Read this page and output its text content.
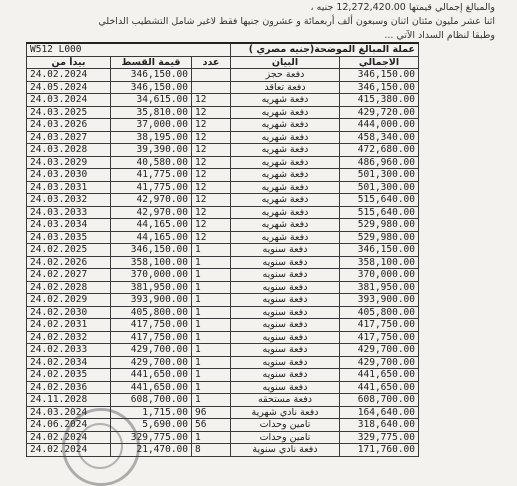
والمبالغ إجمالي قيمتها 12,272,420.00 جنيه ،
اثنا عشر مليون مئتان اثنان وسبعون ألف أربعمائة و عشرون جنيها فقط لاغير شامل التشطيب الداخلي
وطبقا لنظام السداد الآتي ...
W512 L000			عملة المبالغ الموضحة(جنيه مصري )	
بيدأ من	قيمة القسط	عدد	البيان	الاجمالي
24.02.2024	346,150.00		دفعة حجز	346,150.00
24.05.2024	346,150.00		دفعة تعاقد	346,150.00
24.03.2024	34,615.00	12	دفعة شهريه	415,380.00
24.03.2025	35,810.00	12	دفعة شهريه	429,720.00
24.03.2026	37,000.00	12	دفعة شهريه	444,000.00
24.03.2027	38,195.00	12	دفعة شهريه	458,340.00
24.03.2028	39,390.00	12	دفعة شهريه	472,680.00
24.03.2029	40,580.00	12	دفعة شهريه	486,960.00
24.03.2030	41,775.00	12	دفعة شهريه	501,300.00
24.03.2031	41,775.00	12	دفعة شهريه	501,300.00
24.03.2032	42,970.00	12	دفعة شهريه	515,640.00
24.03.2033	42,970.00	12	دفعة شهريه	515,640.00
24.03.2034	44,165.00	12	دفعة شهريه	529,980.00
24.03.2035	44,165.00	12	دفعة شهريه	529,980.00
24.02.2025	346,150.00	1	دفعة سنويه	346,150.00
24.02.2026	358,100.00	1	دفعة سنويه	358,100.00
24.02.2027	370,000.00	1	دفعة سنويه	370,000.00
24.02.2028	381,950.00	1	دفعة سنويه	381,950.00
24.02.2029	393,900.00	1	دفعة سنويه	393,900.00
24.02.2030	405,800.00	1	دفعة سنويه	405,800.00
24.02.2031	417,750.00	1	دفعة سنويه	417,750.00
24.02.2032	417,750.00	1	دفعة سنويه	417,750.00
24.02.2033	429,700.00	1	دفعة سنويه	429,700.00
24.02.2034	429,700.00	1	دفعة سنويه	429,700.00
24.02.2035	441,650.00	1	دفعة سنويه	441,650.00
24.02.2036	441,650.00	1	دفعة سنويه	441,650.00
24.11.2028	608,700.00	1	دفعة مستحقه	608,700.00
24.03.2024	1,715.00	96	دفعة نادي شهرية	164,640.00
24.06.2024	5,690.00	56	تامين وحدات	318,640.00
24.02.2024	329,775.00	1	تامين وحدات	329,775.00
24.02.2024	21,470.00	8	دفعة نادي سنوية	171,760.00
